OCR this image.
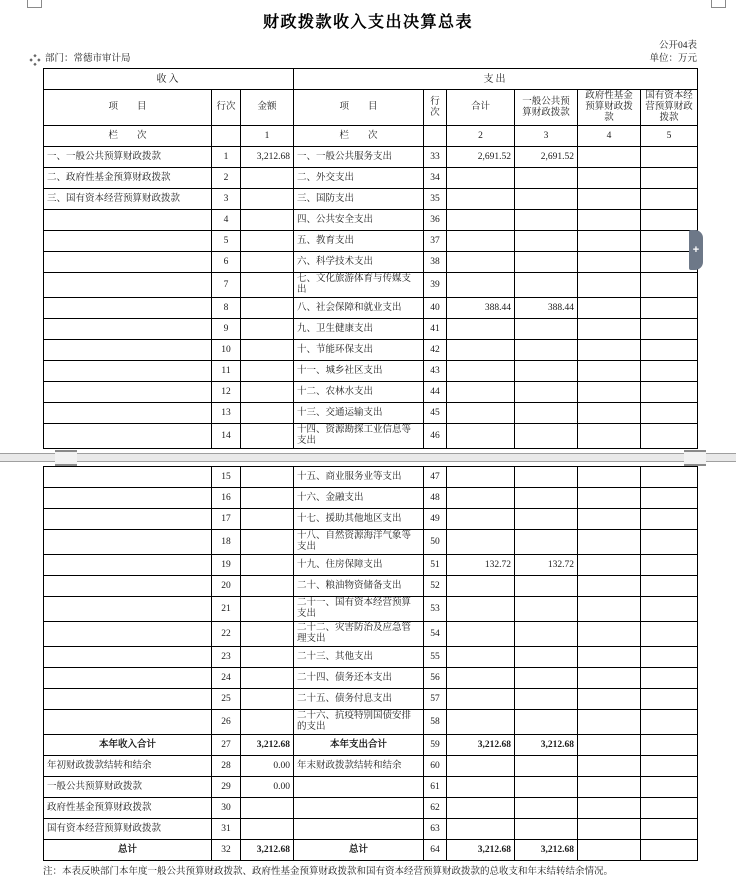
财政拨款收入支出决算总表
公开04表
部门：常德市审计局	单位：万元
收入			支出					
项　　目	行次	金额	项　　目	行次	合计	一般公共预算财政拨款	政府性基金预算财政拨款	国有资本经营预算财政拨款
栏　　次		1	栏　　次		2	3	4	5
一、一般公共预算财政拨款	1	3,212.68	一、一般公共服务支出	33	2,691.52	2,691.52		
二、政府性基金预算财政拨款	2		二、外交支出	34				
三、国有资本经营预算财政拨款	3		三、国防支出	35				
	4		四、公共安全支出	36				
	5		五、教育支出	37				
	6		六、科学技术支出	38				
	7		七、文化旅游体育与传媒支出	39				
	8		八、社会保障和就业支出	40	388.44	388.44		
	9		九、卫生健康支出	41				
	10		十、节能环保支出	42				
	11		十一、城乡社区支出	43				
	12		十二、农林水支出	44				
	13		十三、交通运输支出	45				
	14		十四、资源勘探工业信息等支出	46				
	15		十五、商业服务业等支出	47				
	16		十六、金融支出	48				
	17		十七、援助其他地区支出	49				
	18		十八、自然资源海洋气象等支出	50				
	19		十九、住房保障支出	51	132.72	132.72		
	20		二十、粮油物资储备支出	52				
	21		二十一、国有资本经营预算支出	53				
	22		二十二、灾害防治及应急管理支出	54				
	23		二十三、其他支出	55				
	24		二十四、债务还本支出	56				
	25		二十五、债务付息支出	57				
	26		二十六、抗疫特别国债安排的支出	58				
本年收入合计	27	3,212.68	本年支出合计	59	3,212.68	3,212.68		
年初财政拨款结转和结余	28	0.00	年末财政拨款结转和结余	60				
一般公共预算财政拨款	29	0.00		61				
政府性基金预算财政拨款	30			62				
国有资本经营预算财政拨款	31			63				
总计	32	3,212.68	总计	64	3,212.68	3,212.68		
注：本表反映部门本年度一般公共预算财政拨款、政府性基金预算财政拨款和国有资本经营预算财政拨款的总收支和年末结转结余情况。
+
